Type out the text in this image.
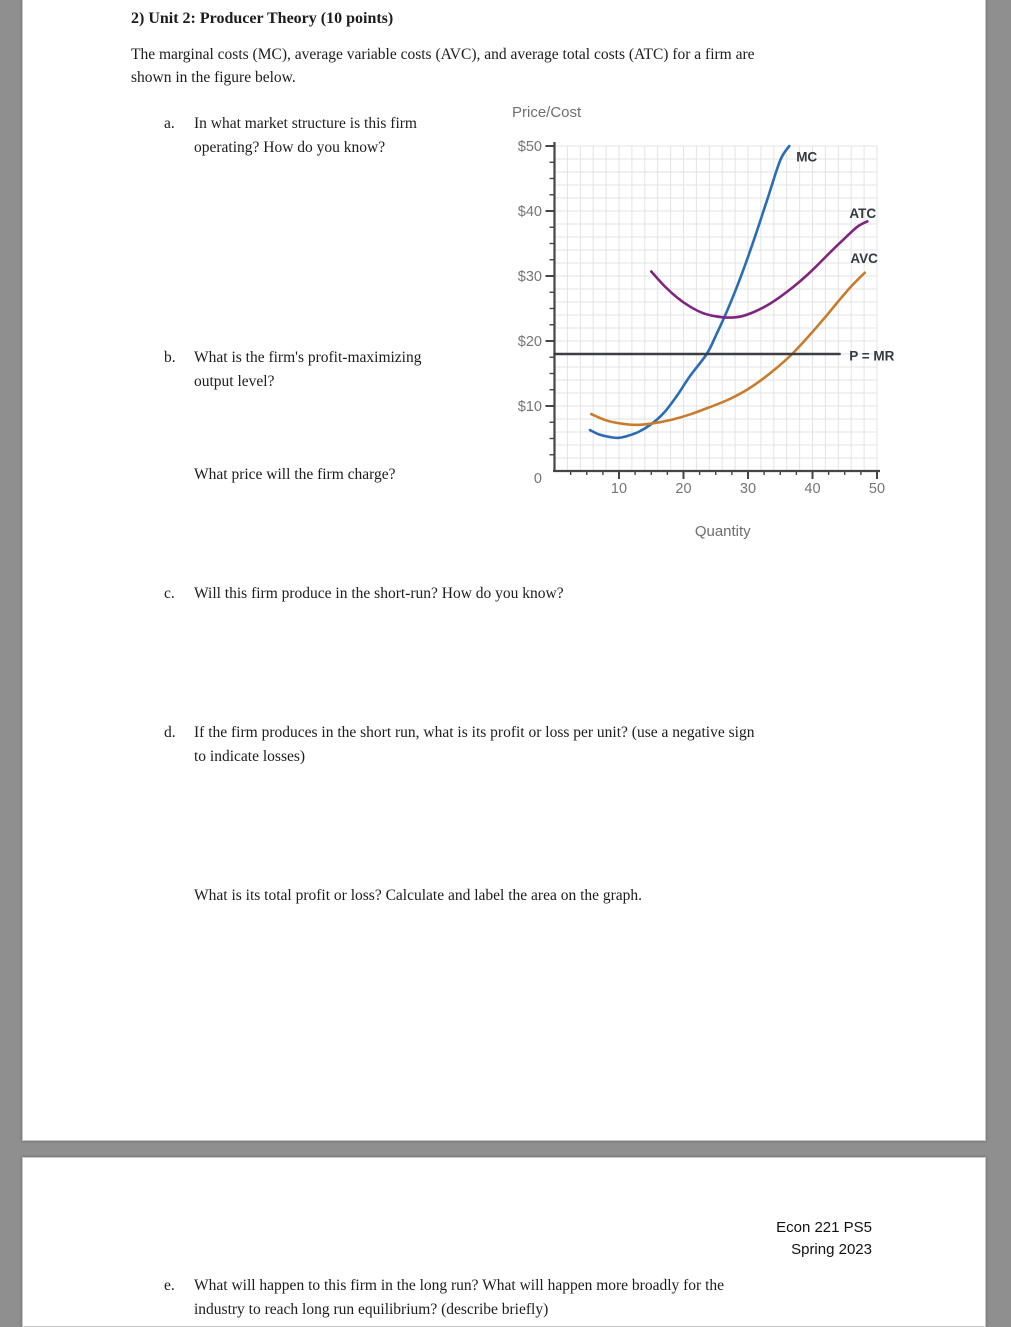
2) Unit 2: Producer Theory (10 points)
The marginal costs (MC), average variable costs (AVC), and average total costs (ATC) for a firm are
shown in the figure below.
a. In what market structure is this firm
operating? How do you know?
b. What is the firm's profit-maximizing
output level?
What price will the firm charge?
c. Will this firm produce in the short-run? How do you know?
d. If the firm produces in the short run, what is its profit or loss per unit? (use a negative sign
to indicate losses)
What is its total profit or loss? Calculate and label the area on the graph.
$10
$20
$30
$40
$50
0
10	20	30	40	50
MC
ATC
AVC
P = MR
Price/Cost
Quantity
Econ 221 PS5
Spring 2023
e. What will happen to this firm in the long run? What will happen more broadly for the
industry to reach long run equilibrium? (describe briefly)
